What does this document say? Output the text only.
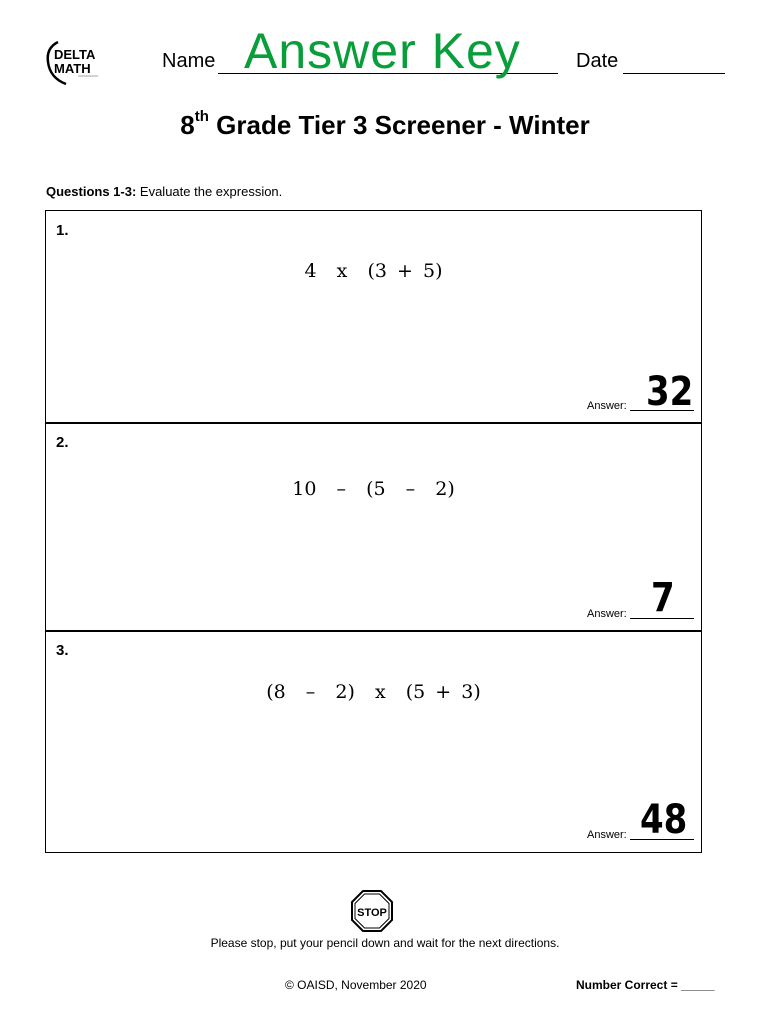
DELTA
MATH	Name Answer Key	Date
8th Grade Tier 3 Screener - Winter
Questions 1-3: Evaluate the expression.
1.
4  x  (3 + 5)
Answer: 32
2.
10  –  (5  –  2)
Answer: 7
3.
(8  –  2)  x  (5 + 3)
Answer: 48
STOP
Please stop, put your pencil down and wait for the next directions.
© OAISD, November 2020	Number Correct = _____
